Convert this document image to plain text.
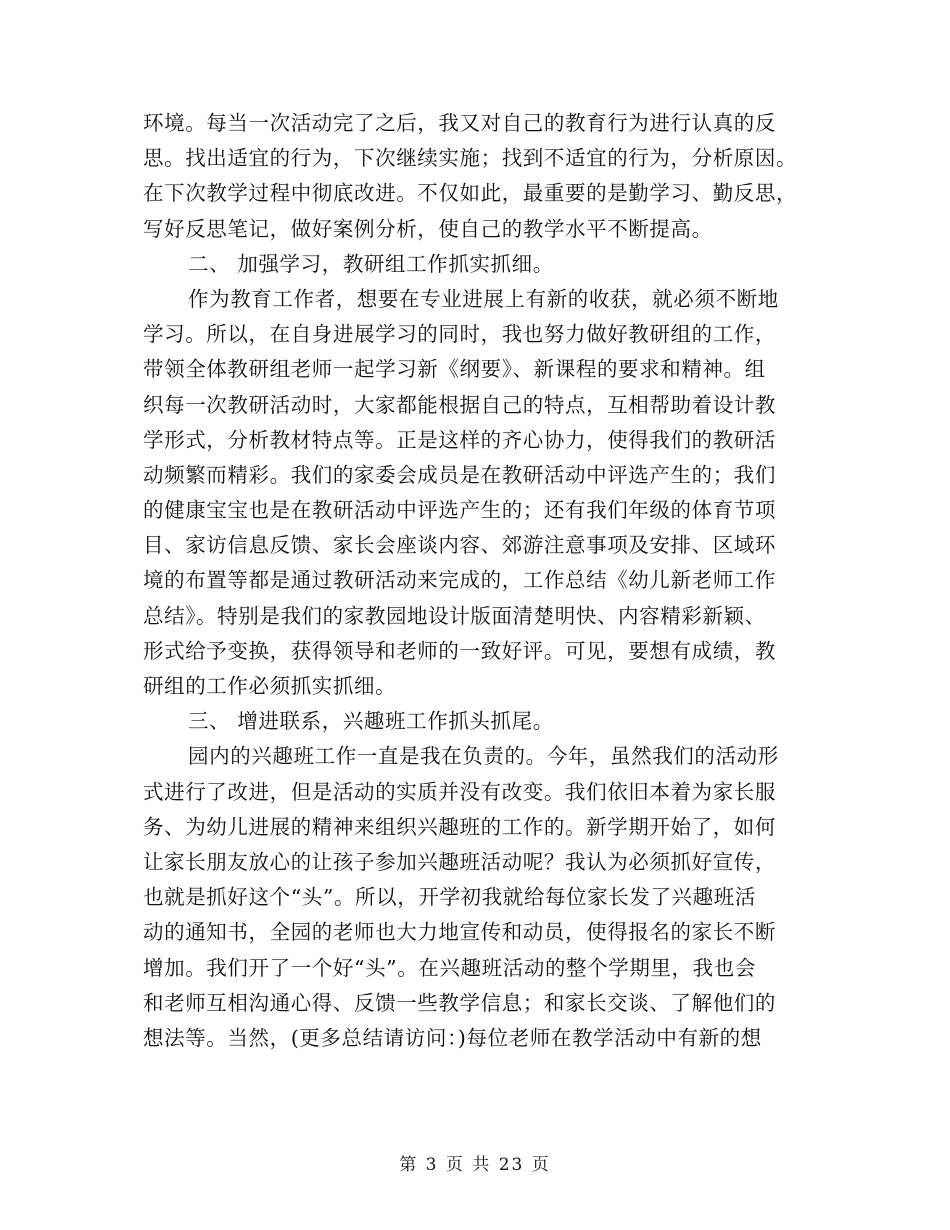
环境。每当一次活动完了之后，我又对自己的教育行为进行认真的反
思。找出适宜的行为，下次继续实施；找到不适宜的行为，分析原因。
在下次教学过程中彻底改进。不仅如此，最重要的是勤学习、勤反思，
写好反思笔记，做好案例分析，使自己的教学水平不断提高。
二、 加强学习，教研组工作抓实抓细。
作为教育工作者，想要在专业进展上有新的收获，就必须不断地
学习。所以，在自身进展学习的同时，我也努力做好教研组的工作，
带领全体教研组老师一起学习新《纲要》、新课程的要求和精神。组
织每一次教研活动时，大家都能根据自己的特点，互相帮助着设计教
学形式，分析教材特点等。正是这样的齐心协力，使得我们的教研活
动频繁而精彩。我们的家委会成员是在教研活动中评选产生的；我们
的健康宝宝也是在教研活动中评选产生的；还有我们年级的体育节项
目、家访信息反馈、家长会座谈内容、郊游注意事项及安排、区域环
境的布置等都是通过教研活动来完成的，工作总结《幼儿新老师工作
总结》。特别是我们的家教园地设计版面清楚明快、内容精彩新颖、
形式给予变换，获得领导和老师的一致好评。可见，要想有成绩，教
研组的工作必须抓实抓细。
三、 增进联系，兴趣班工作抓头抓尾。
园内的兴趣班工作一直是我在负责的。今年，虽然我们的活动形
式进行了改进，但是活动的实质并没有改变。我们依旧本着为家长服
务、为幼儿进展的精神来组织兴趣班的工作的。新学期开始了，如何
让家长朋友放心的让孩子参加兴趣班活动呢？我认为必须抓好宣传，
也就是抓好这个“头”。所以，开学初我就给每位家长发了兴趣班活
动的通知书，全园的老师也大力地宣传和动员，使得报名的家长不断
增加。我们开了一个好“头”。在兴趣班活动的整个学期里，我也会
和老师互相沟通心得、反馈一些教学信息；和家长交谈、了解他们的
想法等。当然，(更多总结请访问：)每位老师在教学活动中有新的想
第 3 页 共 23 页
